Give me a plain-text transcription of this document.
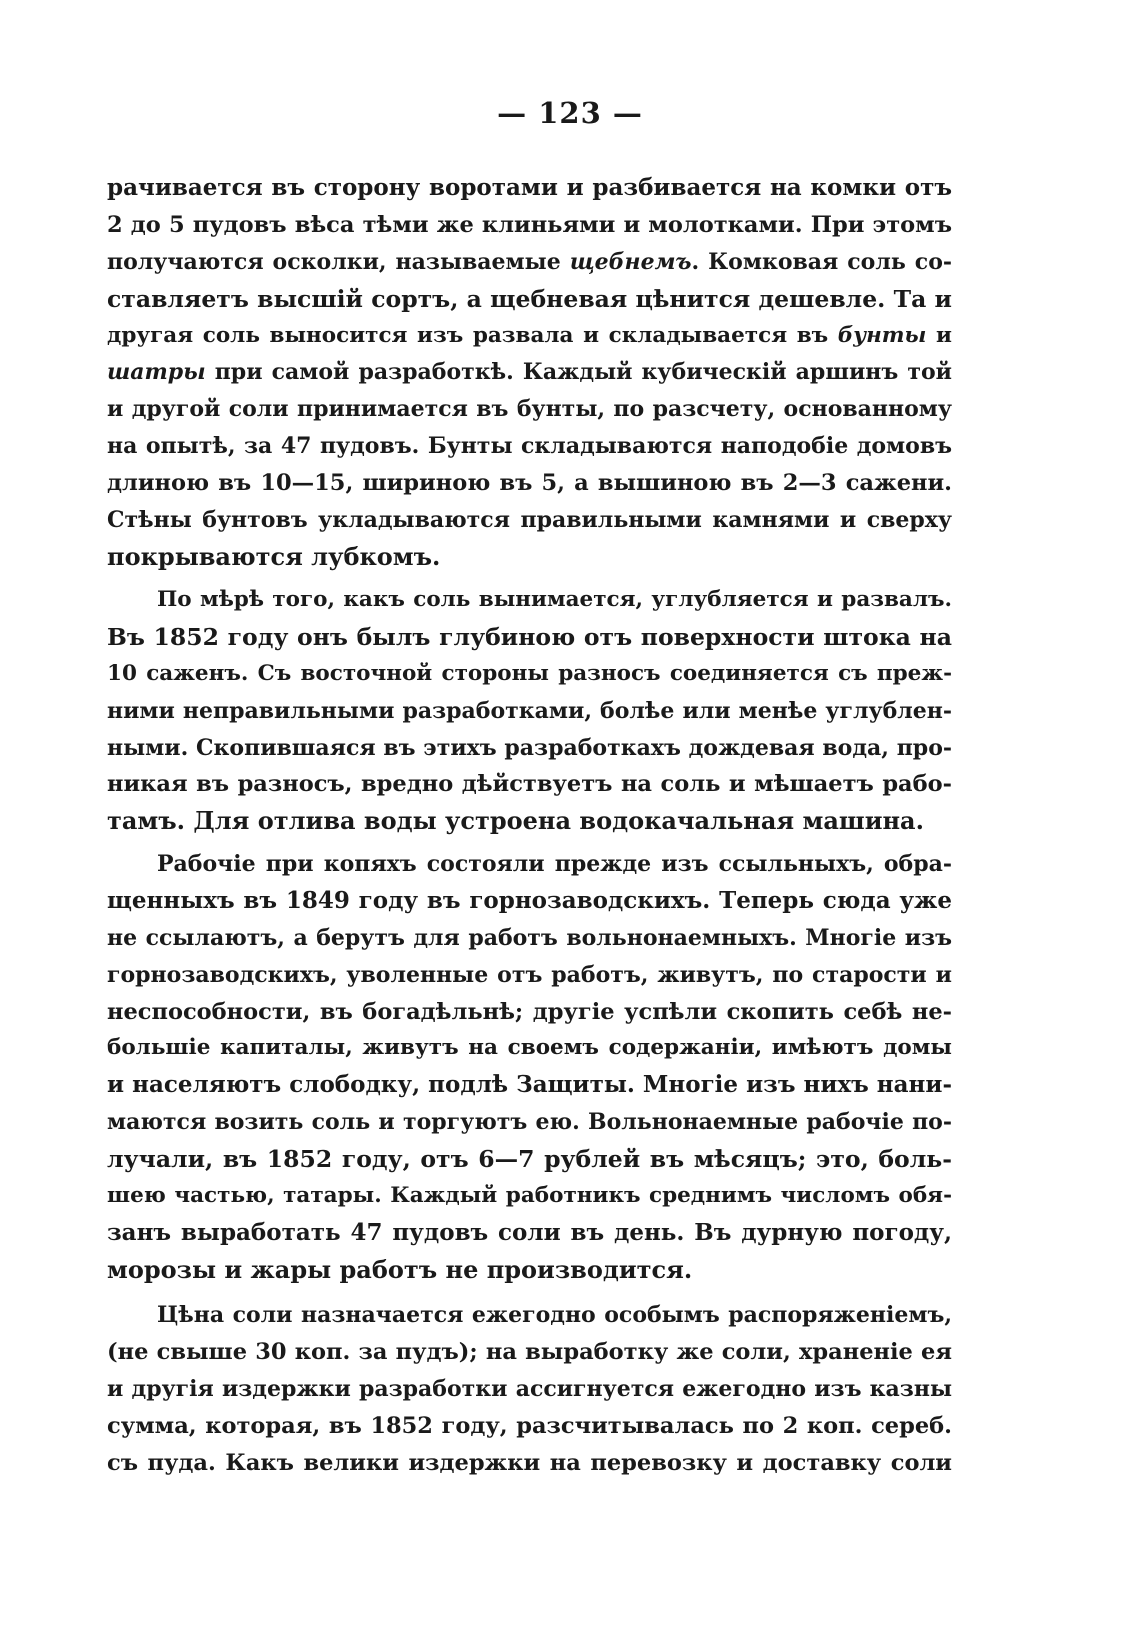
— 123 —
рачивается въ сторону воротами и разбивается на комки отъ
2 до 5 пудовъ вѣса тѣми же клиньями и молотками. При этомъ
получаются осколки, называемые щебнемъ. Комковая соль со-
ставляетъ высшій сортъ, а щебневая цѣнится дешевле. Та и
другая соль выносится изъ развала и складывается въ бунты и
шатры при самой разработкѣ. Каждый кубическій аршинъ той
и другой соли принимается въ бунты, по разсчету, основанному
на опытѣ, за 47 пудовъ. Бунты складываются наподобіе домовъ
длиною въ 10—15, шириною въ 5, а вышиною въ 2—3 сажени.
Стѣны бунтовъ укладываются правильными камнями и сверху
покрываются лубкомъ.
По мѣрѣ того, какъ соль вынимается, углубляется и развалъ.
Въ 1852 году онъ былъ глубиною отъ поверхности штока на
10 саженъ. Съ восточной стороны разносъ соединяется съ преж-
ними неправильными разработками, болѣе или менѣе углублен-
ными. Скопившаяся въ этихъ разработкахъ дождевая вода, про-
никая въ разносъ, вредно дѣйствуетъ на соль и мѣшаетъ рабо-
тамъ. Для отлива воды устроена водокачальная машина.
Рабочіе при копяхъ состояли прежде изъ ссыльныхъ, обра-
щенныхъ въ 1849 году въ горнозаводскихъ. Теперь сюда уже
не ссылаютъ, а берутъ для работъ вольнонаемныхъ. Многіе изъ
горнозаводскихъ, уволенные отъ работъ, живутъ, по старости и
неспособности, въ богадѣльнѣ; другіе успѣли скопить себѣ не-
большіе капиталы, живутъ на своемъ содержаніи, имѣютъ домы
и населяютъ слободку, подлѣ Защиты. Многіе изъ нихъ нани-
маются возить соль и торгуютъ ею. Вольнонаемные рабочіе по-
лучали, въ 1852 году, отъ 6—7 рублей въ мѣсяцъ; это, боль-
шею частью, татары. Каждый работникъ среднимъ числомъ обя-
занъ выработать 47 пудовъ соли въ день. Въ дурную погоду,
морозы и жары работъ не производится.
Цѣна соли назначается ежегодно особымъ распоряженіемъ,
(не свыше 30 коп. за пудъ); на выработку же соли, храненіе ея
и другія издержки разработки ассигнуется ежегодно изъ казны
сумма, которая, въ 1852 году, разсчитывалась по 2 коп. сереб.
съ пуда. Какъ велики издержки на перевозку и доставку соли
